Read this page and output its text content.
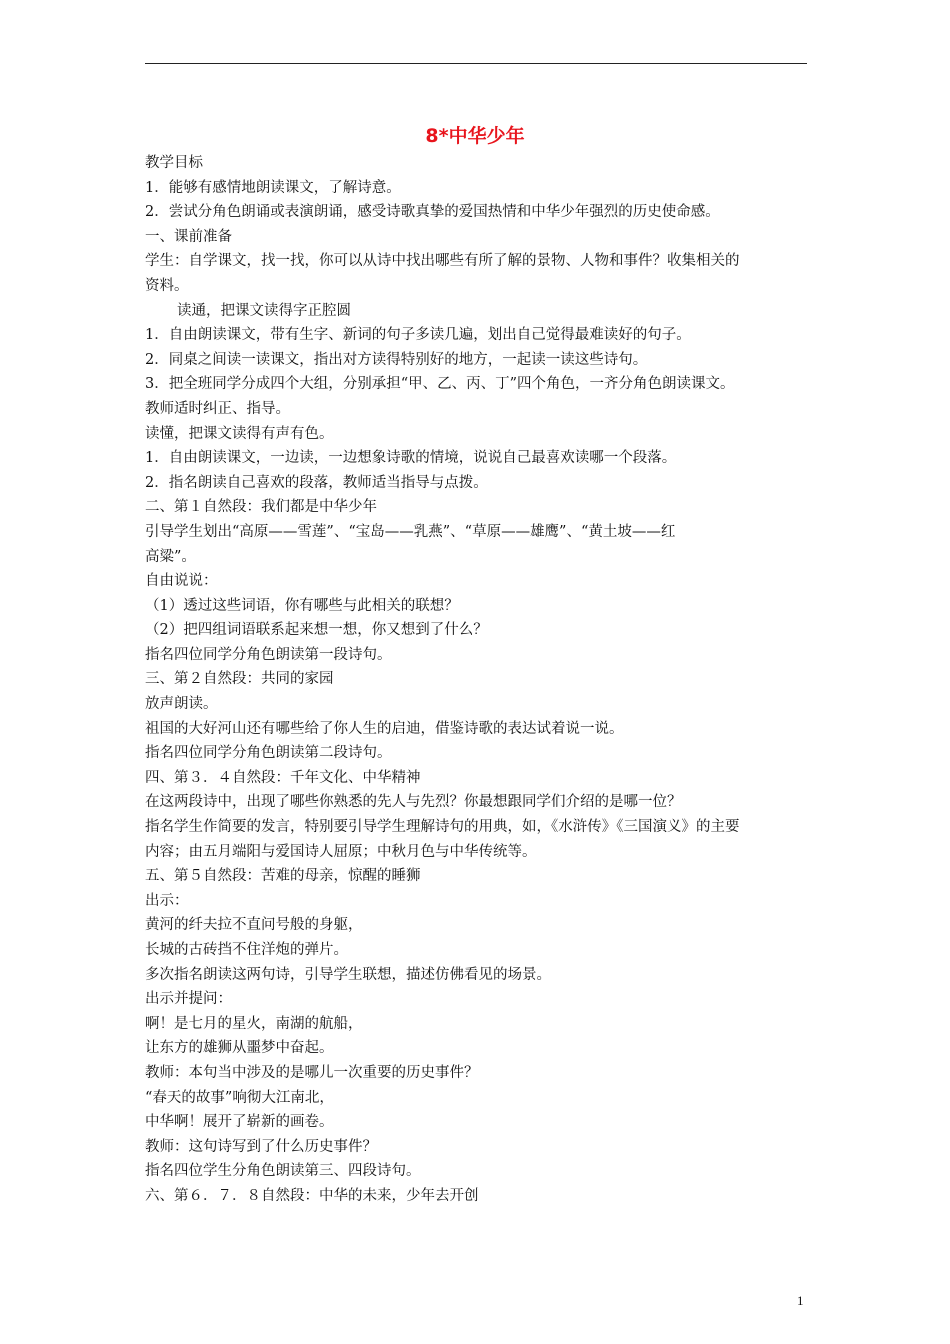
8*中华少年
教学目标
1．能够有感情地朗读课文，了解诗意。
2．尝试分角色朗诵或表演朗诵，感受诗歌真挚的爱国热情和中华少年强烈的历史使命感。
一、课前准备
学生：自学课文，找一找，你可以从诗中找出哪些有所了解的景物、人物和事件？收集相关的
资料。
读通，把课文读得字正腔圆
1．自由朗读课文，带有生字、新词的句子多读几遍，划出自己觉得最难读好的句子。
2．同桌之间读一读课文，指出对方读得特别好的地方，一起读一读这些诗句。
3．把全班同学分成四个大组，分别承担“甲、乙、丙、丁”四个角色，一齐分角色朗读课文。
教师适时纠正、指导。
读懂，把课文读得有声有色。
1．自由朗读课文，一边读，一边想象诗歌的情境，说说自己最喜欢读哪一个段落。
2．指名朗读自己喜欢的段落，教师适当指导与点拨。
二、第１自然段：我们都是中华少年
引导学生划出“高原——雪莲”、“宝岛——乳燕”、“草原——雄鹰”、“黄土坡——红
高粱”。
自由说说：
（1）透过这些词语，你有哪些与此相关的联想？
（2）把四组词语联系起来想一想，你又想到了什么？
指名四位同学分角色朗读第一段诗句。
三、第２自然段：共同的家园
放声朗读。
祖国的大好河山还有哪些给了你人生的启迪，借鉴诗歌的表达试着说一说。
指名四位同学分角色朗读第二段诗句。
四、第３．４自然段：千年文化、中华精神
在这两段诗中，出现了哪些你熟悉的先人与先烈？你最想跟同学们介绍的是哪一位？
指名学生作简要的发言，特别要引导学生理解诗句的用典，如，《水浒传》《三国演义》的主要
内容；由五月端阳与爱国诗人屈原；中秋月色与中华传统等。
五、第５自然段：苦难的母亲，惊醒的睡狮
出示：
黄河的纤夫拉不直问号般的身躯，
长城的古砖挡不住洋炮的弹片。
多次指名朗读这两句诗，引导学生联想，描述仿佛看见的场景。
出示并提问：
啊！是七月的星火，南湖的航船，
让东方的雄狮从噩梦中奋起。
教师：本句当中涉及的是哪儿一次重要的历史事件？
“春天的故事”响彻大江南北，
中华啊！展开了崭新的画卷。
教师：这句诗写到了什么历史事件？
指名四位学生分角色朗读第三、四段诗句。
六、第６．７．８自然段：中华的未来，少年去开创
1
